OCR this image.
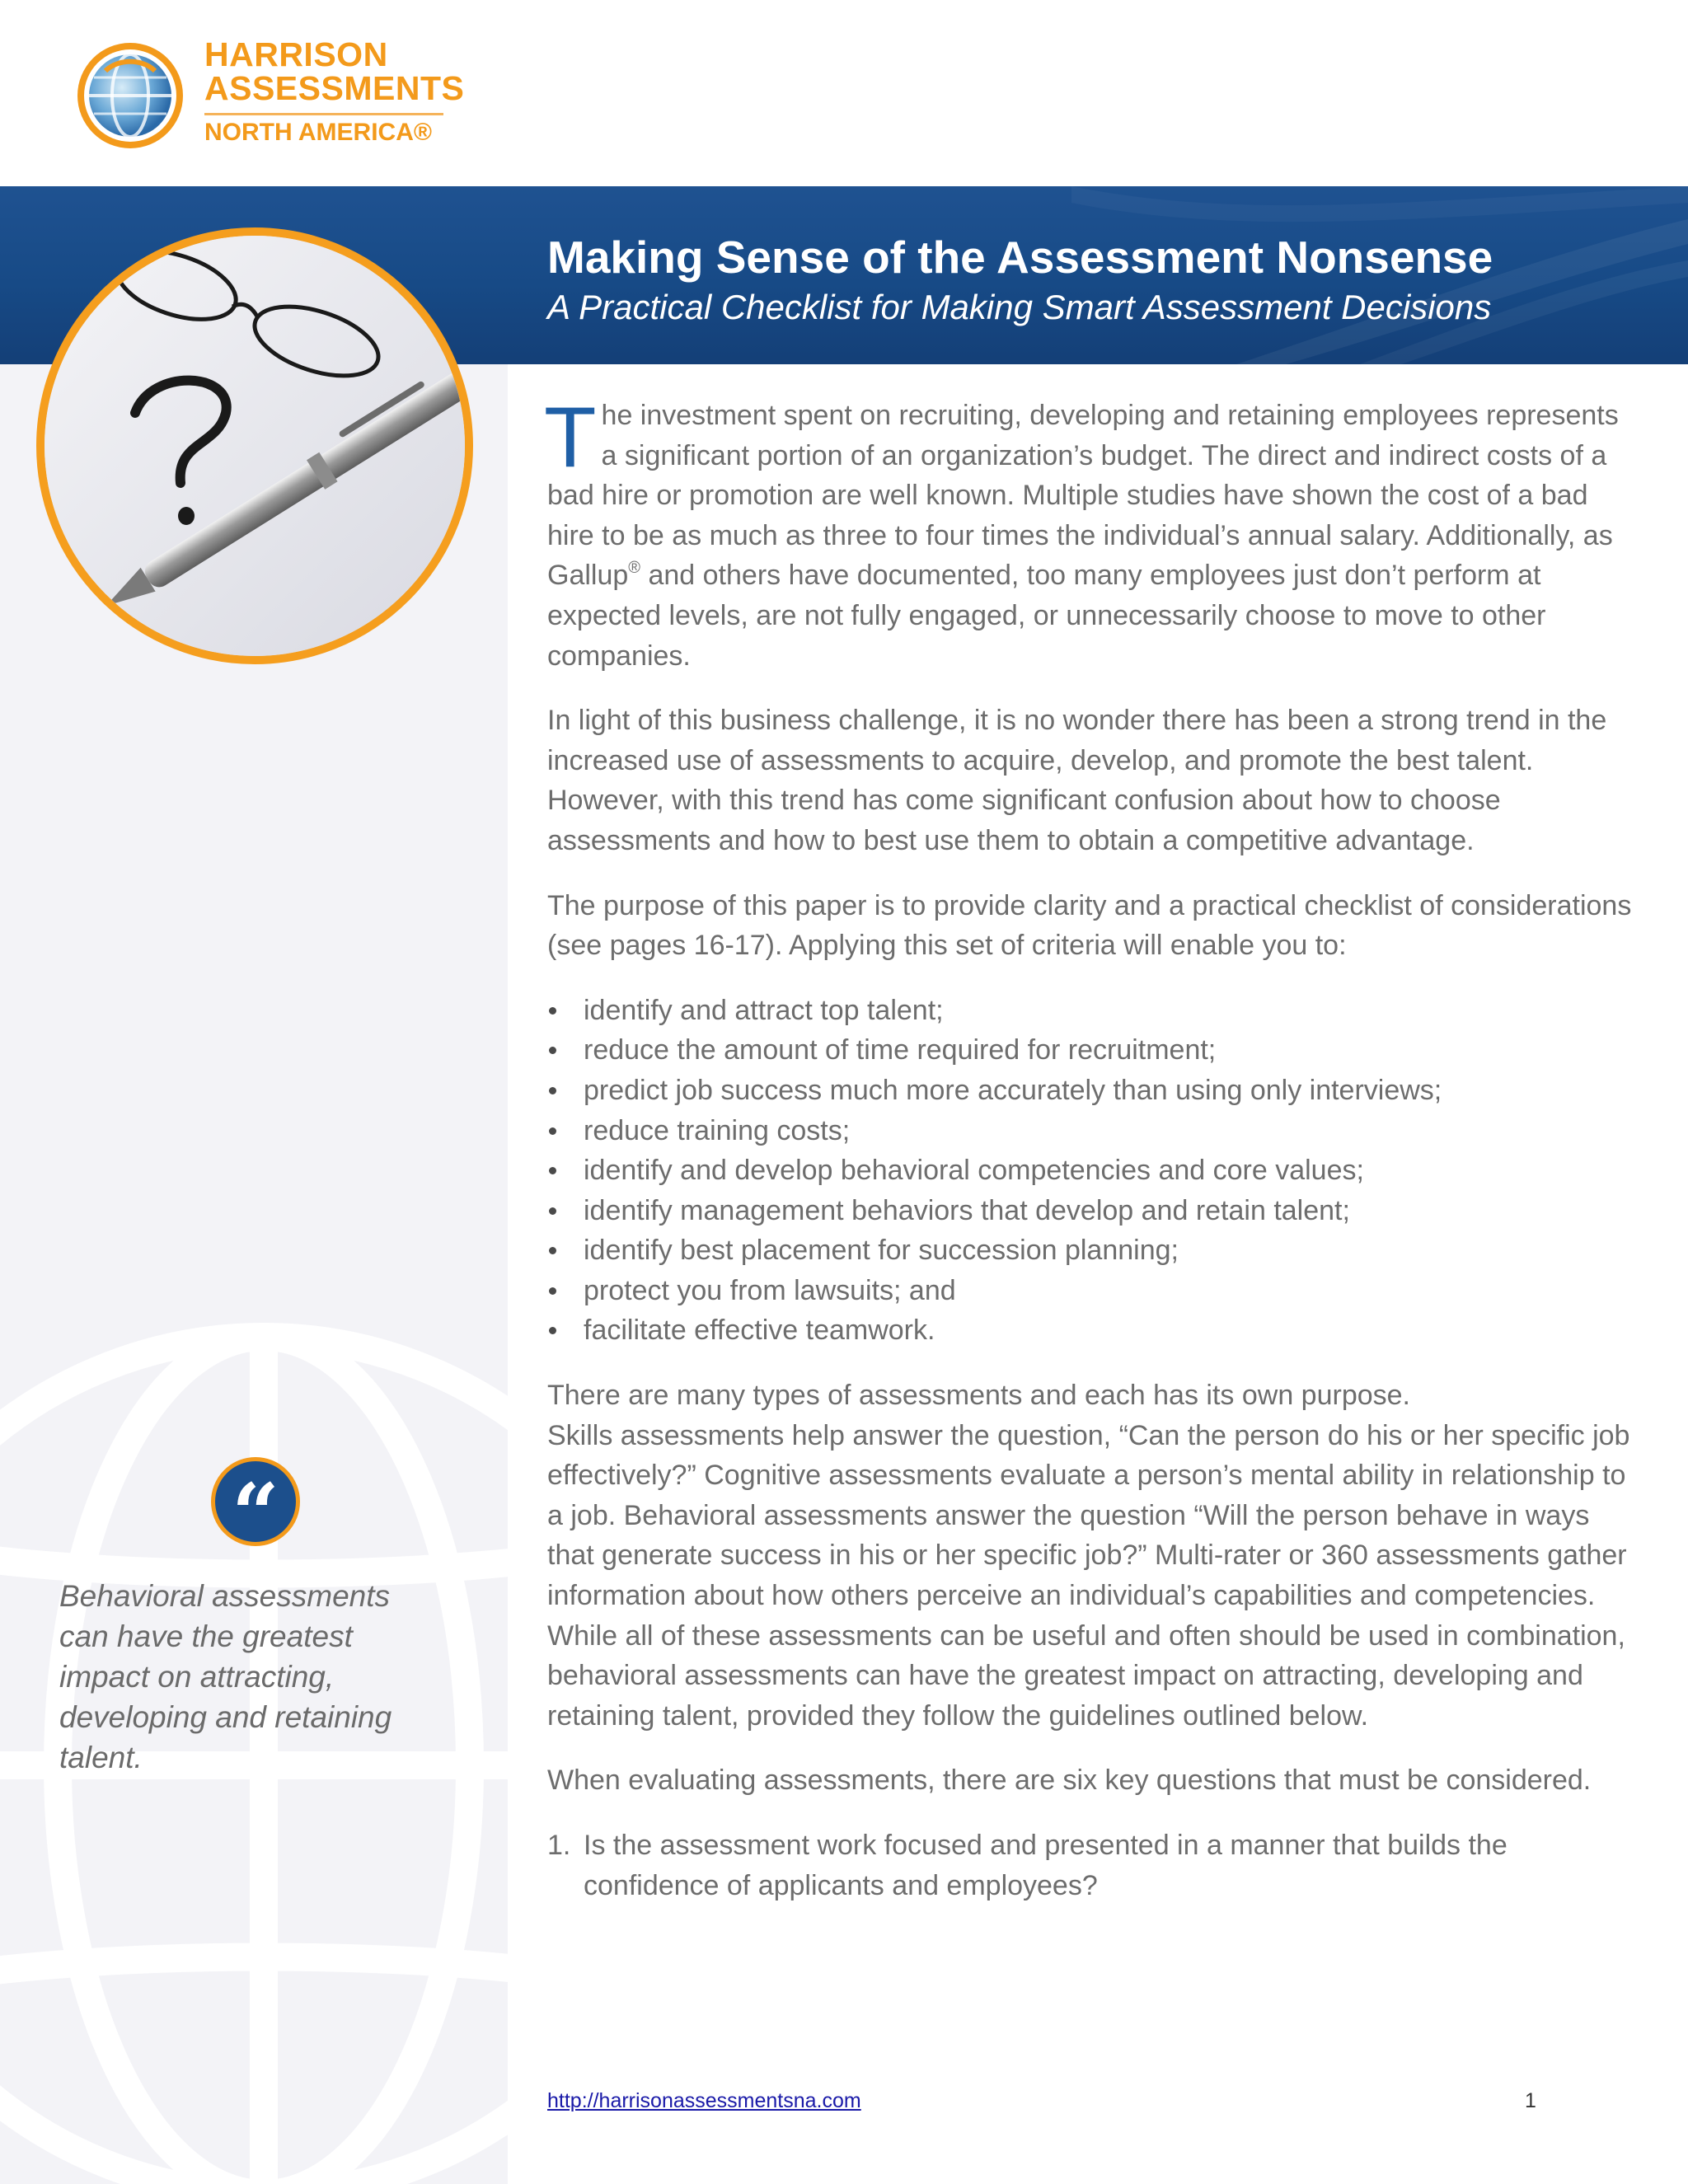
HARRISON
ASSESSMENTS
NORTH AMERICA®
Making Sense of the Assessment Nonsense

A Practical Checklist for Making Smart Assessment Decisions

“

Behavioral assessments can have the greatest impact on attracting, developing and retaining talent.

The investment spent on recruiting, developing and retaining employees represents a significant portion of an organization’s budget. The direct and indirect costs of a bad hire or promotion are well known. Multiple studies have shown the cost of a bad hire to be as much as three to four times the individual’s annual salary. Additionally, as Gallup® and others have documented, too many employees just don’t perform at expected levels, are not fully engaged, or unnecessarily choose to move to other companies.

In light of this business challenge, it is no wonder there has been a strong trend in the increased use of assessments to acquire, develop, and promote the best talent. However, with this trend has come significant confusion about how to choose assessments and how to best use them to obtain a competitive advantage.

The purpose of this paper is to provide clarity and a practical checklist of considerations (see pages 16-17). Applying this set of criteria will enable you to:

identify and attract top talent;
reduce the amount of time required for recruitment;
predict job success much more accurately than using only interviews;
reduce training costs;
identify and develop behavioral competencies and core values;
identify management behaviors that develop and retain talent;
identify best placement for succession planning;
protect you from lawsuits; and
facilitate effective teamwork.

There are many types of assessments and each has its own purpose.
Skills assessments help answer the question, “Can the person do his or her specific job effectively?” Cognitive assessments evaluate a person’s mental ability in relationship to a job. Behavioral assessments answer the question “Will the person behave in ways that generate success in his or her specific job?” Multi-rater or 360 assessments gather information about how others perceive an individual’s capabilities and competencies. While all of these assessments can be useful and often should be used in combination, behavioral assessments can have the greatest impact on attracting, developing and retaining talent, provided they follow the guidelines outlined below.

When evaluating assessments, there are six key questions that must be considered.

1. Is the assessment work focused and presented in a manner that builds the confidence of applicants and employees?
http://harrisonassessmentsna.com	1
